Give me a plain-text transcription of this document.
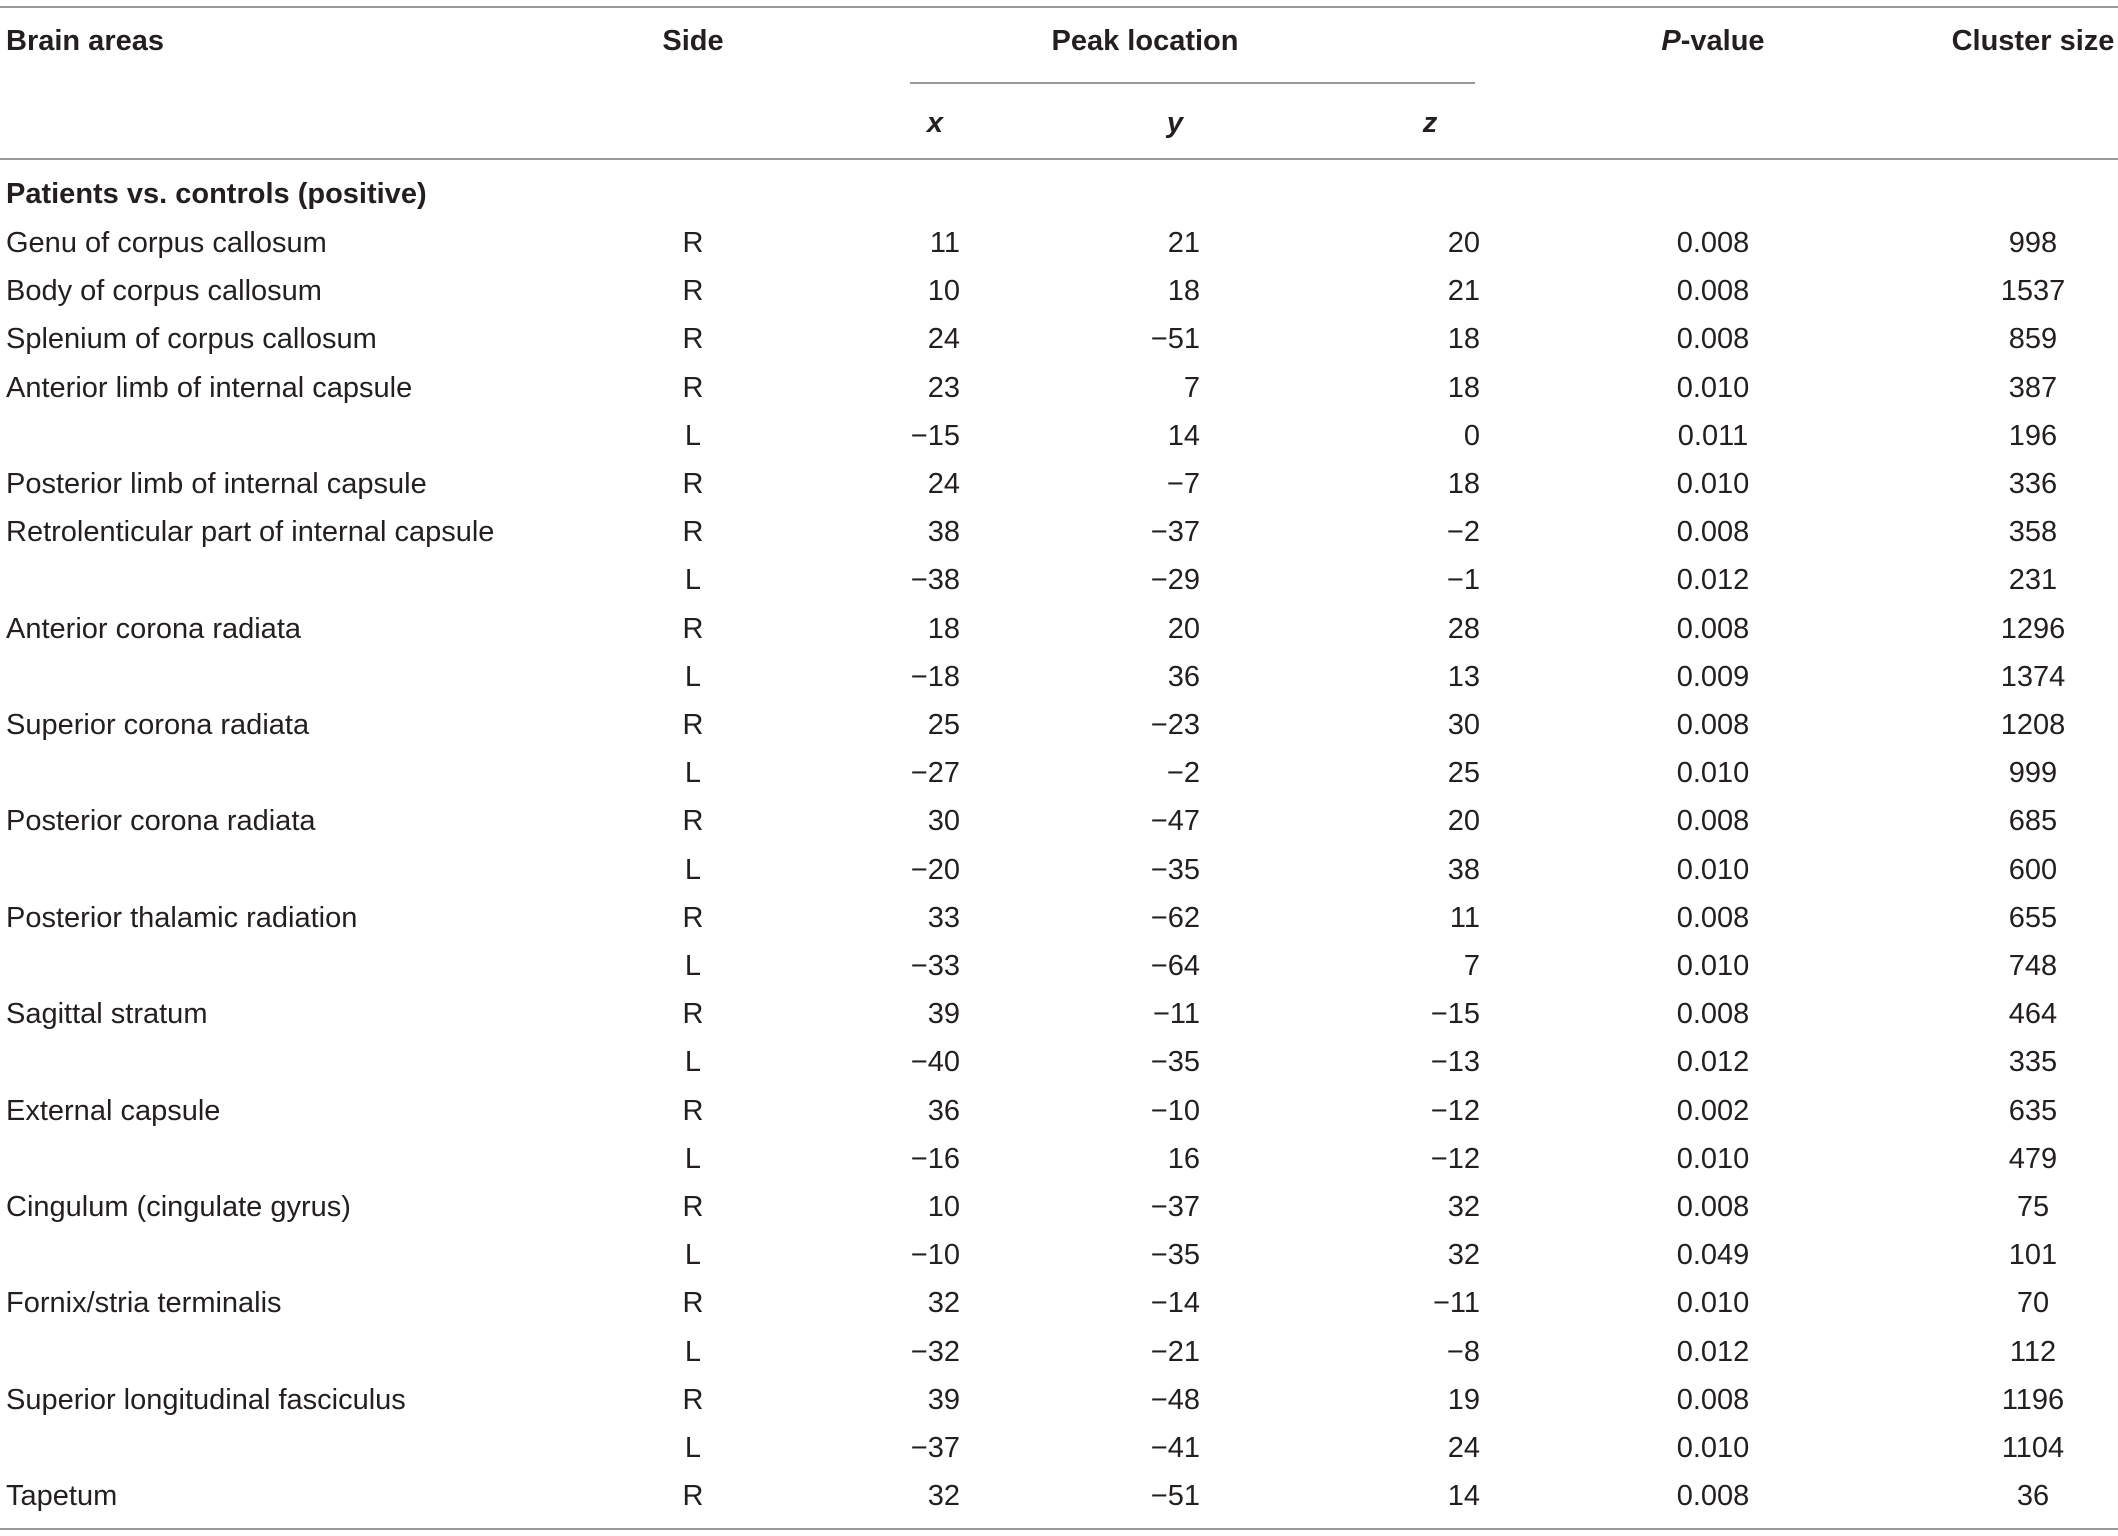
Brain areas	Side	Peak location	P-value	Cluster size
x	y	z
Patients vs. controls (positive)
Genu of corpus callosum	R	11	21	20	0.008	998
Body of corpus callosum	R	10	18	21	0.008	1537
Splenium of corpus callosum	R	24	−51	18	0.008	859
Anterior limb of internal capsule	R	23	7	18	0.010	387
L	−15	14	0	0.011	196
Posterior limb of internal capsule	R	24	−7	18	0.010	336
Retrolenticular part of internal capsule	R	38	−37	−2	0.008	358
L	−38	−29	−1	0.012	231
Anterior corona radiata	R	18	20	28	0.008	1296
L	−18	36	13	0.009	1374
Superior corona radiata	R	25	−23	30	0.008	1208
L	−27	−2	25	0.010	999
Posterior corona radiata	R	30	−47	20	0.008	685
L	−20	−35	38	0.010	600
Posterior thalamic radiation	R	33	−62	11	0.008	655
L	−33	−64	7	0.010	748
Sagittal stratum	R	39	−11	−15	0.008	464
L	−40	−35	−13	0.012	335
External capsule	R	36	−10	−12	0.002	635
L	−16	16	−12	0.010	479
Cingulum (cingulate gyrus)	R	10	−37	32	0.008	75
L	−10	−35	32	0.049	101
Fornix/stria terminalis	R	32	−14	−11	0.010	70
L	−32	−21	−8	0.012	112
Superior longitudinal fasciculus	R	39	−48	19	0.008	1196
L	−37	−41	24	0.010	1104
Tapetum	R	32	−51	14	0.008	36
